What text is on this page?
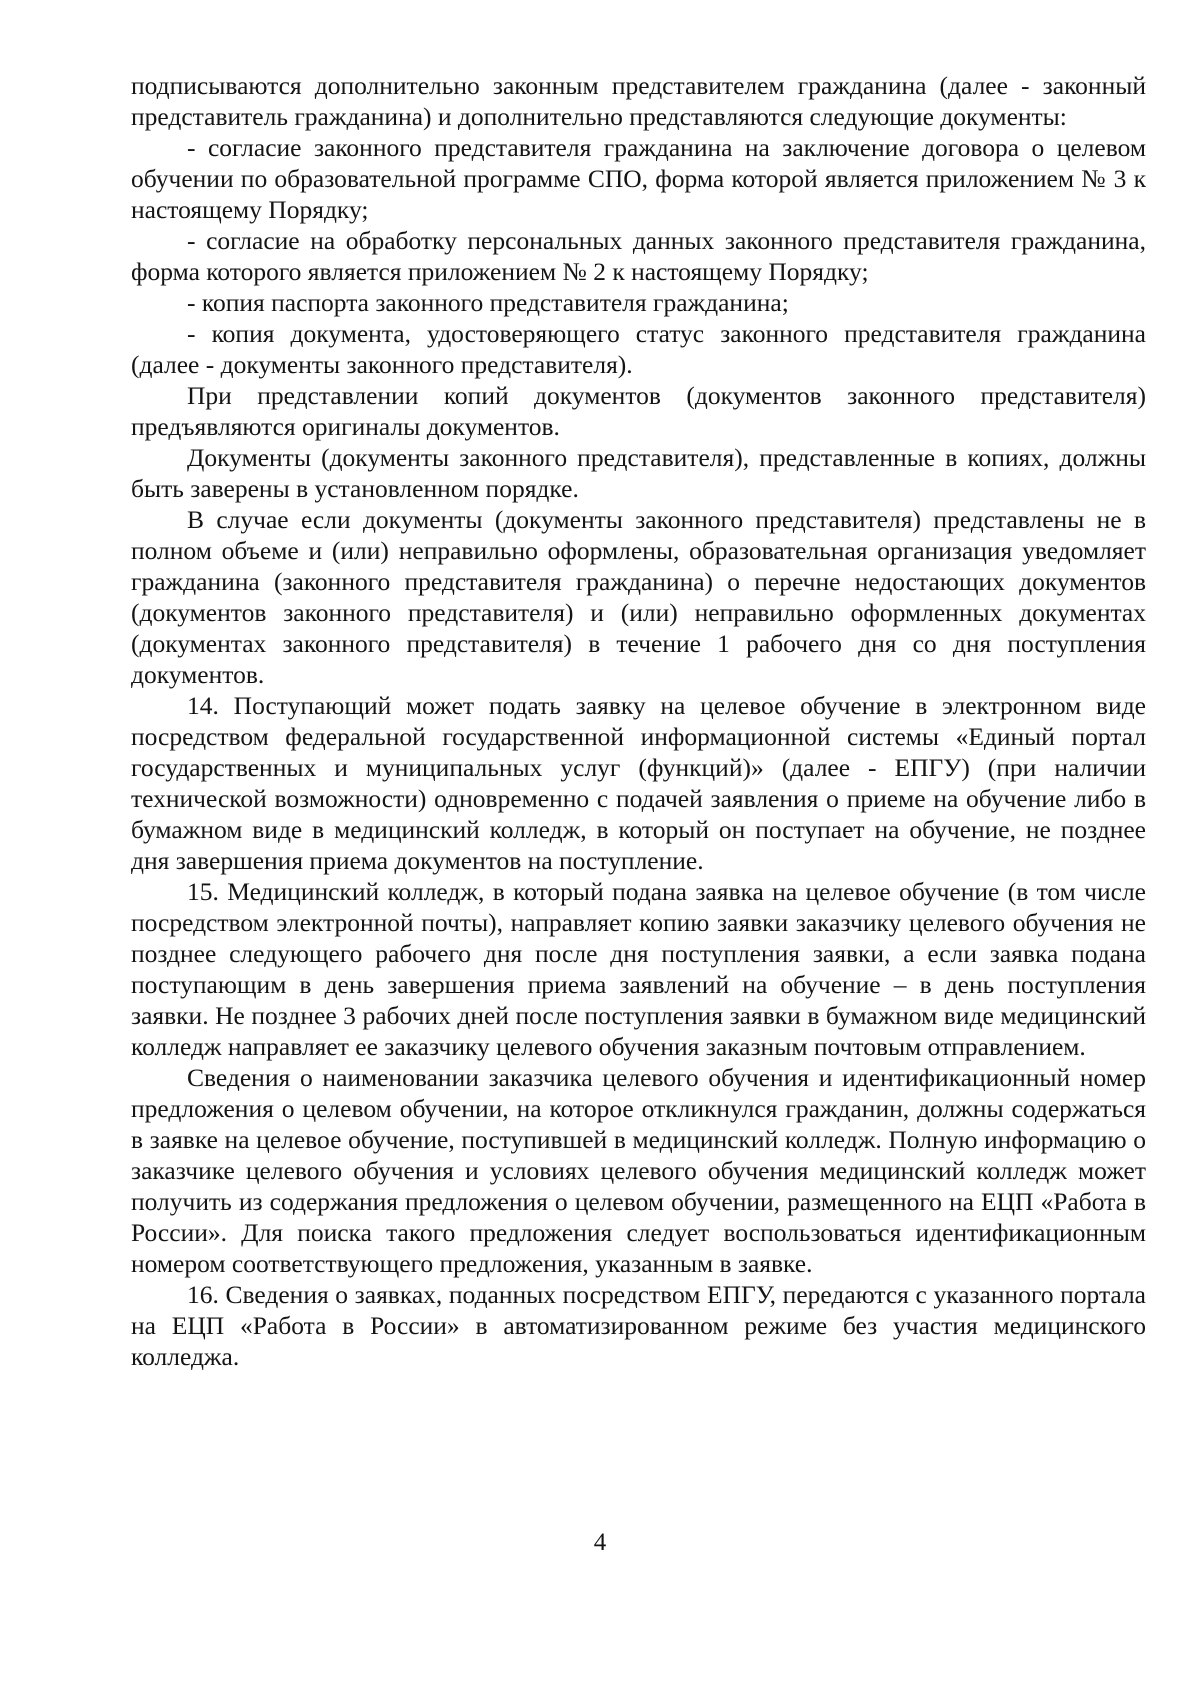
подписываются дополнительно законным представителем гражданина (далее - законный представитель гражданина) и дополнительно представляются следующие документы:

- согласие законного представителя гражданина на заключение договора о целевом обучении по образовательной программе СПО, форма которой является приложением № 3 к настоящему Порядку;

- согласие на обработку персональных данных законного представителя гражданина, форма которого является приложением № 2 к настоящему Порядку;

- копия паспорта законного представителя гражданина;

- копия документа, удостоверяющего статус законного представителя гражданина (далее - документы законного представителя).

При представлении копий документов (документов законного представителя) предъявляются оригиналы документов.

Документы (документы законного представителя), представленные в копиях, должны быть заверены в установленном порядке.

В случае если документы (документы законного представителя) представлены не в полном объеме и (или) неправильно оформлены, образовательная организация уведомляет гражданина (законного представителя гражданина) о перечне недостающих документов (документов законного представителя) и (или) неправильно оформленных документах (документах законного представителя) в течение 1 рабочего дня со дня поступления документов.

14. Поступающий может подать заявку на целевое обучение в электронном виде посредством федеральной государственной информационной системы «Единый портал государственных и муниципальных услуг (функций)» (далее - ЕПГУ) (при наличии технической возможности) одновременно с подачей заявления о приеме на обучение либо в бумажном виде в медицинский колледж, в который он поступает на обучение, не позднее дня завершения приема документов на поступление.

15. Медицинский колледж, в который подана заявка на целевое обучение (в том числе посредством электронной почты), направляет копию заявки заказчику целевого обучения не позднее следующего рабочего дня после дня поступления заявки, а если заявка подана поступающим в день завершения приема заявлений на обучение – в день поступления заявки. Не позднее 3 рабочих дней после поступления заявки в бумажном виде медицинский колледж направляет ее заказчику целевого обучения заказным почтовым отправлением.

Сведения о наименовании заказчика целевого обучения и идентификационный номер предложения о целевом обучении, на которое откликнулся гражданин, должны содержаться в заявке на целевое обучение, поступившей в медицинский колледж. Полную информацию о заказчике целевого обучения и условиях целевого обучения медицинский колледж может получить из содержания предложения о целевом обучении, размещенного на ЕЦП «Работа в России». Для поиска такого предложения следует воспользоваться идентификационным номером соответствующего предложения, указанным в заявке.

16. Сведения о заявках, поданных посредством ЕПГУ, передаются с указанного портала на ЕЦП «Работа в России» в автоматизированном режиме без участия медицинского колледжа.

4
